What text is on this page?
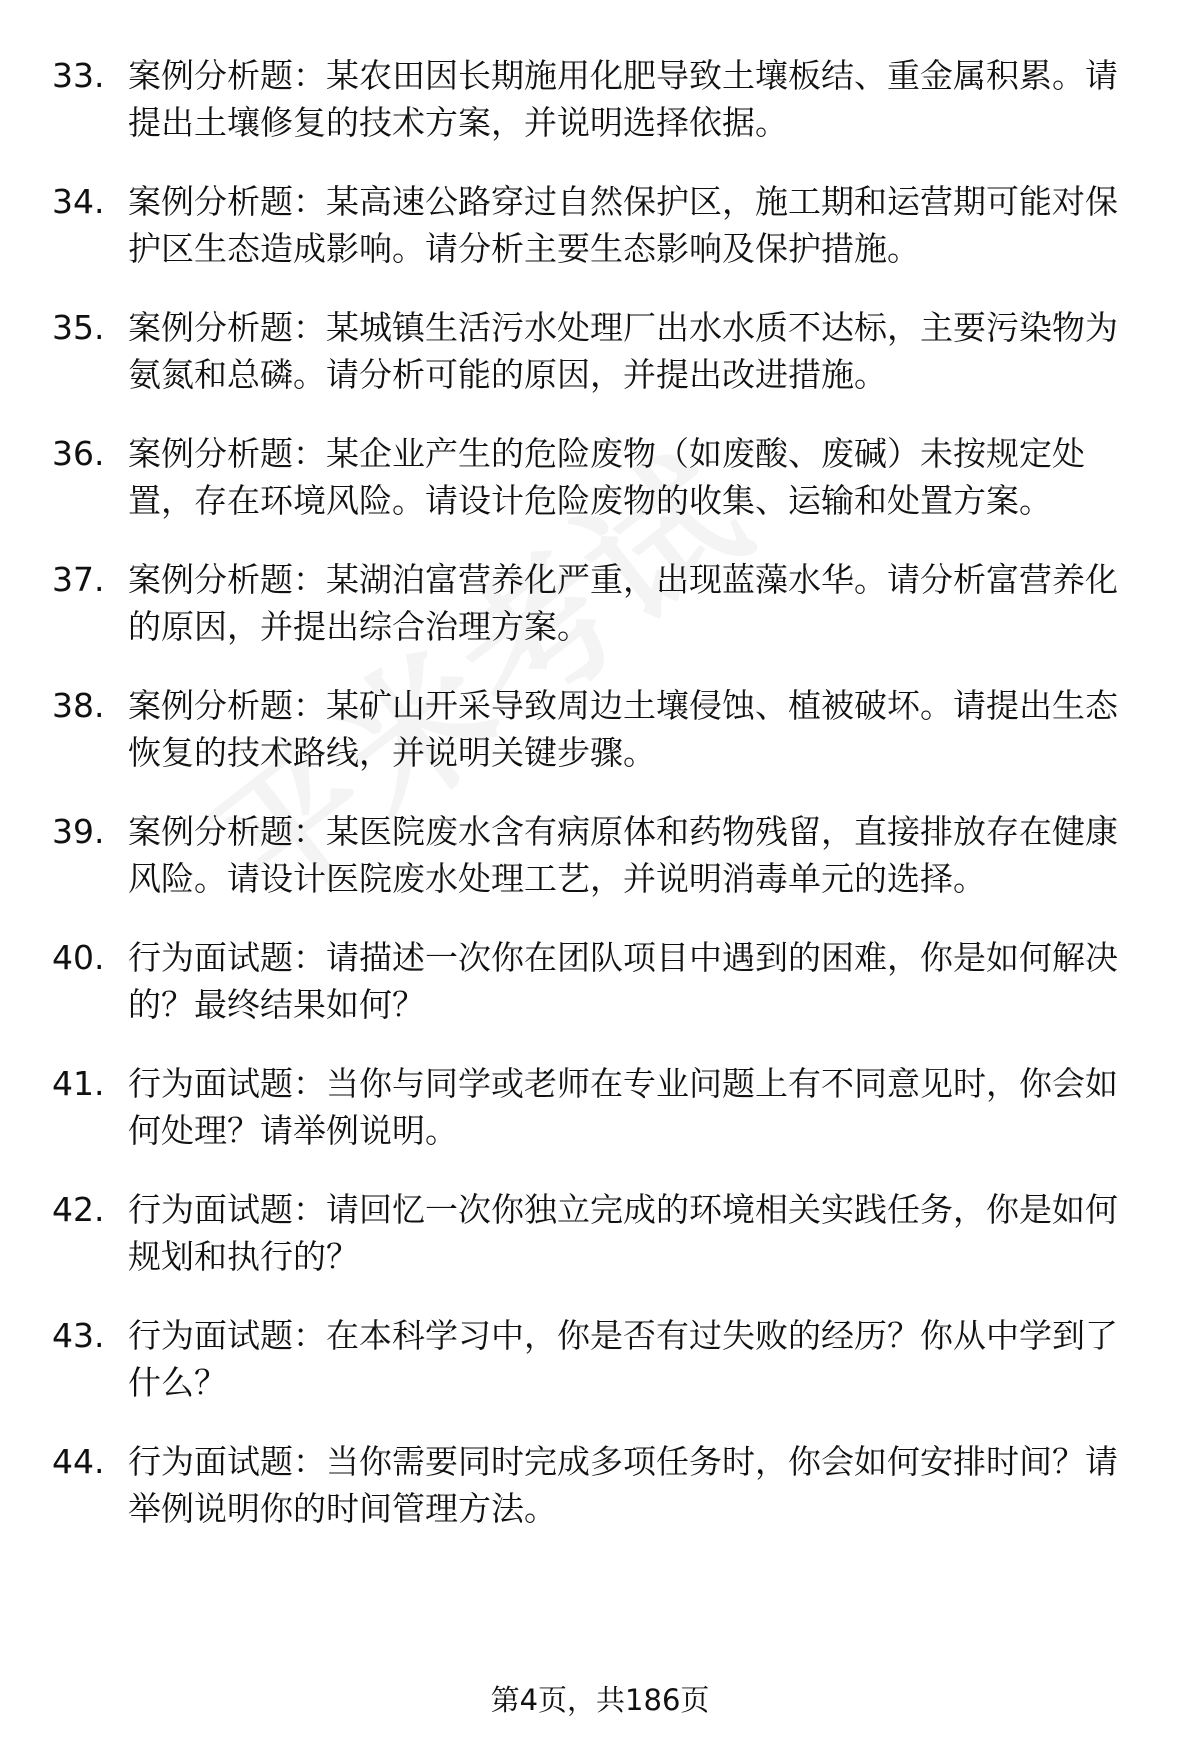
33. 案例分析题：某农田因长期施用化肥导致土壤板结、重金属积累。请提出土壤修复的技术方案，并说明选择依据。
34. 案例分析题：某高速公路穿过自然保护区，施工期和运营期可能对保护区生态造成影响。请分析主要生态影响及保护措施。
35. 案例分析题：某城镇生活污水处理厂出水水质不达标，主要污染物为氨氮和总磷。请分析可能的原因，并提出改进措施。
36. 案例分析题：某企业产生的危险废物（如废酸、废碱）未按规定处置，存在环境风险。请设计危险废物的收集、运输和处置方案。
37. 案例分析题：某湖泊富营养化严重，出现蓝藻水华。请分析富营养化的原因，并提出综合治理方案。
38. 案例分析题：某矿山开采导致周边土壤侵蚀、植被破坏。请提出生态恢复的技术路线，并说明关键步骤。
39. 案例分析题：某医院废水含有病原体和药物残留，直接排放存在健康风险。请设计医院废水处理工艺，并说明消毒单元的选择。
40. 行为面试题：请描述一次你在团队项目中遇到的困难，你是如何解决的？最终结果如何？
41. 行为面试题：当你与同学或老师在专业问题上有不同意见时，你会如何处理？请举例说明。
42. 行为面试题：请回忆一次你独立完成的环境相关实践任务，你是如何规划和执行的？
43. 行为面试题：在本科学习中，你是否有过失败的经历？你从中学到了什么？
44. 行为面试题：当你需要同时完成多项任务时，你会如何安排时间？请举例说明你的时间管理方法。
第4页，共186页
